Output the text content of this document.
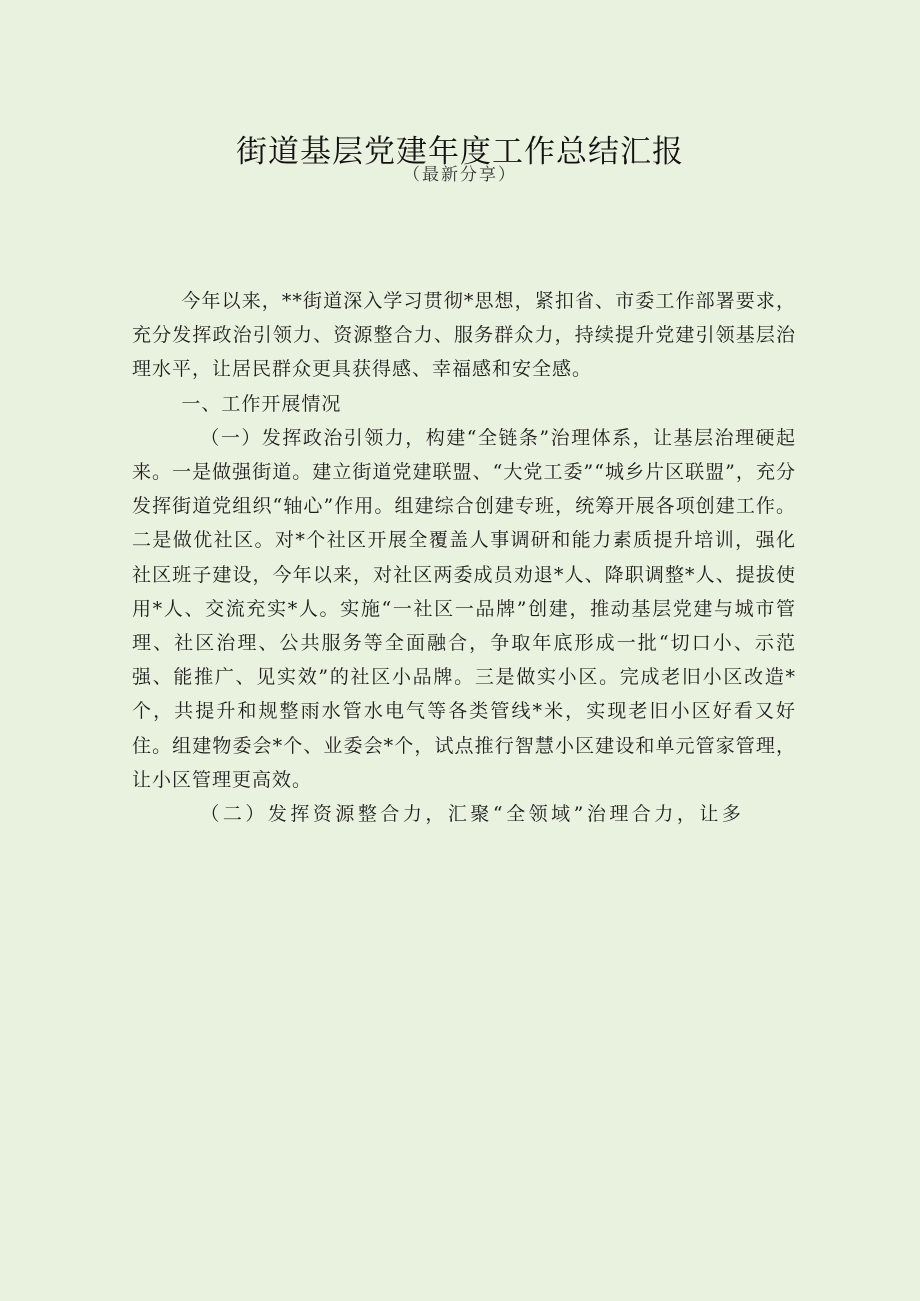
街道基层党建年度工作总结汇报
（最新分享）

今年以来，**街道深入学习贯彻*思想，紧扣省、市委工作部署要求，充分发挥政治引领力、资源整合力、服务群众力，持续提升党建引领基层治理水平，让居民群众更具获得感、幸福感和安全感。

一、工作开展情况

（一）发挥政治引领力，构建“全链条”治理体系，让基层治理硬起来。一是做强街道。建立街道党建联盟、“大党工委”“城乡片区联盟”，充分发挥街道党组织“轴心”作用。组建综合创建专班，统筹开展各项创建工作。二是做优社区。对*个社区开展全覆盖人事调研和能力素质提升培训，强化社区班子建设，今年以来，对社区两委成员劝退*人、降职调整*人、提拔使用*人、交流充实*人。实施“一社区一品牌”创建，推动基层党建与城市管理、社区治理、公共服务等全面融合，争取年底形成一批“切口小、示范强、能推广、见实效”的社区小品牌。三是做实小区。完成老旧小区改造*个，共提升和规整雨水管水电气等各类管线*米，实现老旧小区好看又好住。组建物委会*个、业委会*个，试点推行智慧小区建设和单元管家管理，让小区管理更高效。

（二）发挥资源整合力，汇聚“全领域”治理合力，让多
